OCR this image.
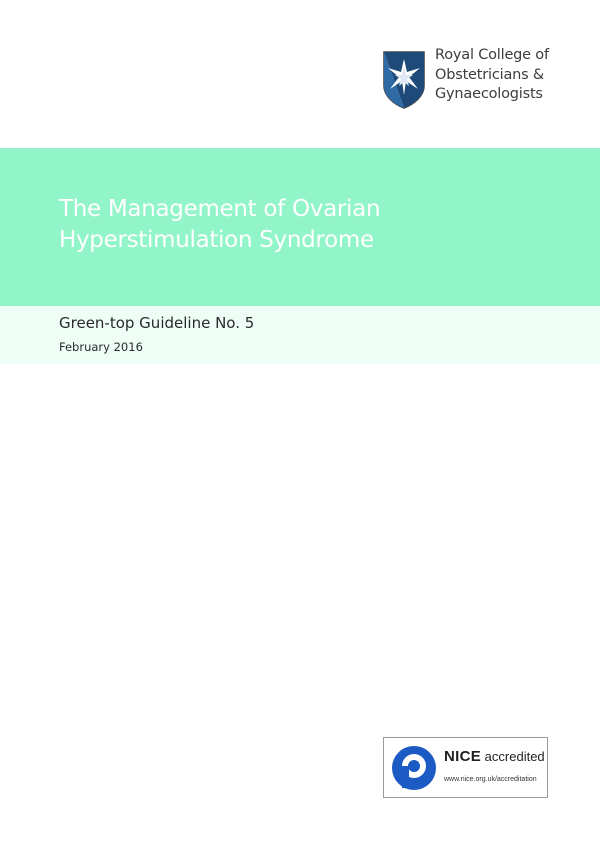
Royal College of
Obstetricians &
Gynaecologists
The Management of Ovarian
Hyperstimulation Syndrome
Green-top Guideline No. 5
February 2016
NICE accredited
www.nice.org.uk/accreditation
